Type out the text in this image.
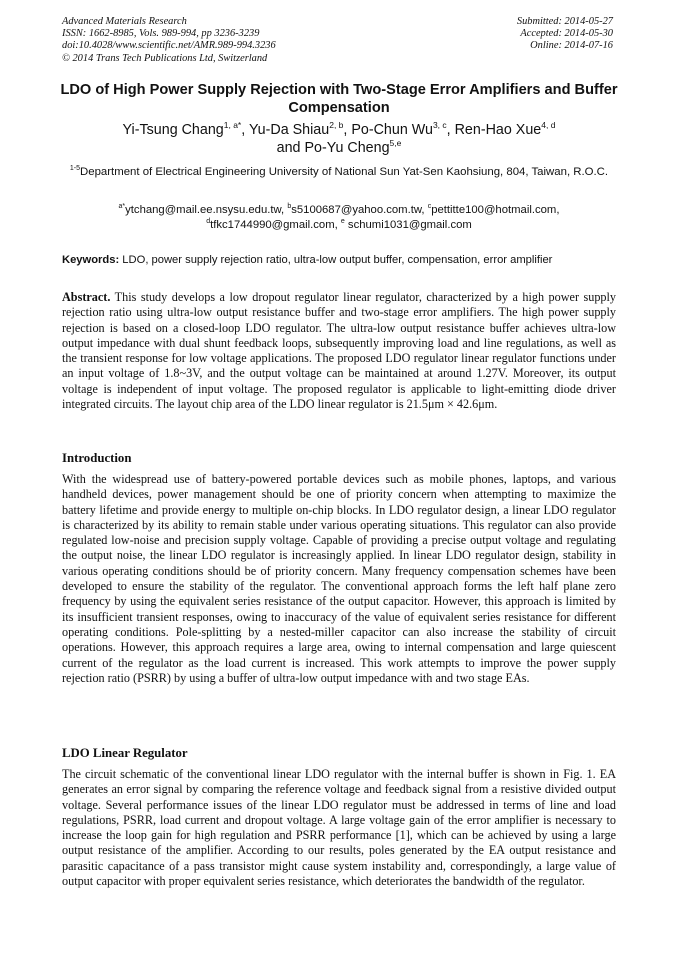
Advanced Materials Research
ISSN: 1662-8985, Vols. 989-994, pp 3236-3239
doi:10.4028/www.scientific.net/AMR.989-994.3236
© 2014 Trans Tech Publications Ltd, Switzerland
Submitted: 2014-05-27
Accepted: 2014-05-30
Online: 2014-07-16
LDO of High Power Supply Rejection with Two-Stage Error Amplifiers and Buffer Compensation
Yi-Tsung Chang$^{1, a*}$, Yu-Da Shiau$^{2, b}$, Po-Chun Wu$^{3, c}$, Ren-Hao Xue$^{4, d}$
and Po-Yu Cheng$^{5,e}$
$^{1-5}$Department of Electrical Engineering University of National Sun Yat-Sen Kaohsiung, 804, Taiwan, R.O.C.
$^{a*}$ytchang@mail.ee.nsysu.edu.tw, $^b$s5100687@yahoo.com.tw, $^c$pettitte100@hotmail.com,
$^d$tfkc1744990@gmail.com, $^e$ schumi1031@gmail.com
Keywords: LDO, power supply rejection ratio, ultra-low output buffer, compensation, error amplifier
Abstract. This study develops a low dropout regulator linear regulator, characterized by a high power supply rejection ratio using ultra-low output resistance buffer and two-stage error amplifiers. The high power supply rejection is based on a closed-loop LDO regulator. The ultra-low output resistance buffer achieves ultra-low output impedance with dual shunt feedback loops, subsequently improving load and line regulations, as well as the transient response for low voltage applications. The proposed LDO regulator linear regulator functions under an input voltage of 1.8~3V, and the output voltage can be maintained at around 1.27V. Moreover, its output voltage is independent of input voltage. The proposed regulator is applicable to light-emitting diode driver integrated circuits. The layout chip area of the LDO linear regulator is 21.5μm × 42.6μm.
Introduction
With the widespread use of battery-powered portable devices such as mobile phones, laptops, and various handheld devices, power management should be one of priority concern when attempting to maximize the battery lifetime and provide energy to multiple on-chip blocks. In LDO regulator design, a linear LDO regulator is characterized by its ability to remain stable under various operating situations. This regulator can also provide regulated low-noise and precision supply voltage. Capable of providing a precise output voltage and regulating the output noise, the linear LDO regulator is increasingly applied. In linear LDO regulator design, stability in various operating conditions should be of priority concern. Many frequency compensation schemes have been developed to ensure the stability of the regulator. The conventional approach forms the left half plane zero frequency by using the equivalent series resistance of the output capacitor. However, this approach is limited by its insufficient transient responses, owing to inaccuracy of the value of equivalent series resistance for different operating conditions. Pole-splitting by a nested-miller capacitor can also increase the stability of circuit operations. However, this approach requires a large area, owing to internal compensation and large quiescent current of the regulator as the load current is increased. This work attempts to improve the power supply rejection ratio (PSRR) by using a buffer of ultra-low output impedance with and two stage EAs.
LDO Linear Regulator
The circuit schematic of the conventional linear LDO regulator with the internal buffer is shown in Fig. 1. EA generates an error signal by comparing the reference voltage and feedback signal from a resistive divided output voltage. Several performance issues of the linear LDO regulator must be addressed in terms of line and load regulations, PSRR, load current and dropout voltage. A large voltage gain of the error amplifier is necessary to increase the loop gain for high regulation and PSRR performance [1], which can be achieved by using a large output resistance of the amplifier. According to our results, poles generated by the EA output resistance and parasitic capacitance of a pass transistor might cause system instability and, correspondingly, a large value of output capacitor with proper equivalent series resistance, which deteriorates the bandwidth of the regulator.
